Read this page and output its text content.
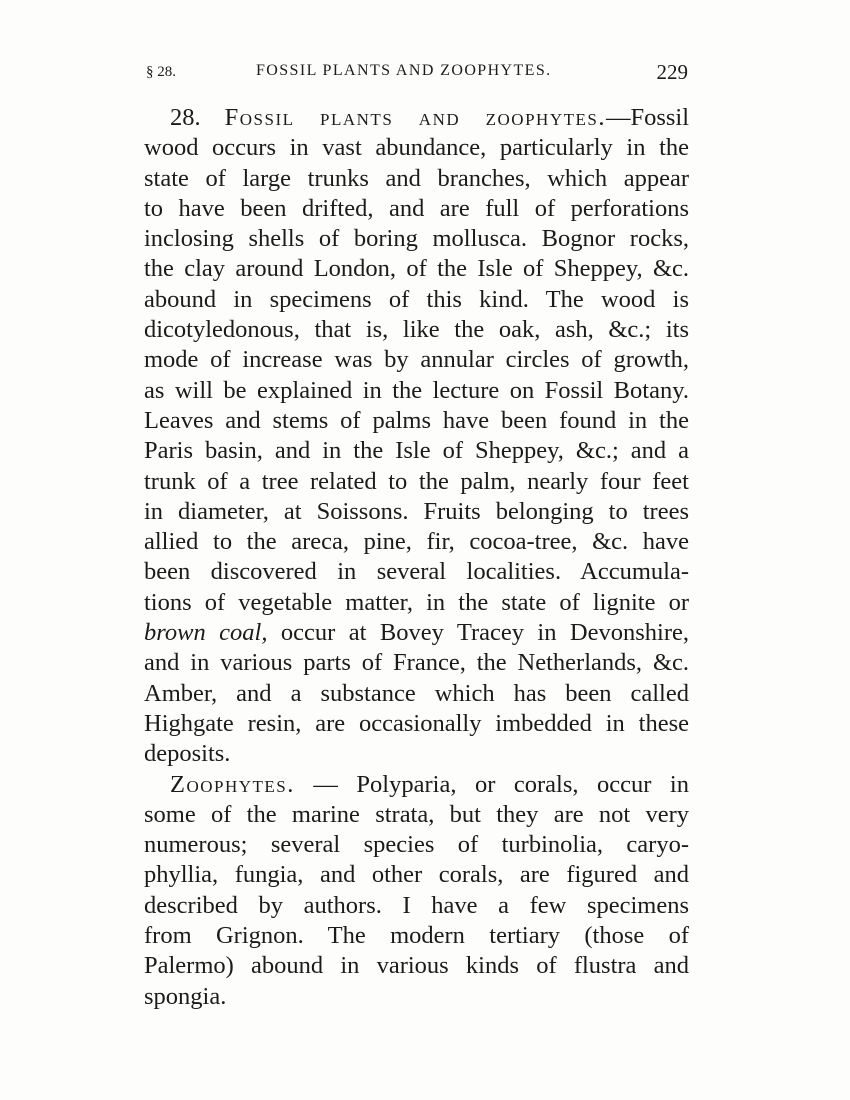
§ 28.	FOSSIL PLANTS AND ZOOPHYTES.	229
28. Fossil plants and zoophytes.—Fossil
wood occurs in vast abundance, particularly in the
state of large trunks and branches, which appear
to have been drifted, and are full of perforations
inclosing shells of boring mollusca. Bognor rocks,
the clay around London, of the Isle of Sheppey, &c.
abound in specimens of this kind. The wood is
dicotyledonous, that is, like the oak, ash, &c.; its
mode of increase was by annular circles of growth,
as will be explained in the lecture on Fossil Botany.
Leaves and stems of palms have been found in the
Paris basin, and in the Isle of Sheppey, &c.; and a
trunk of a tree related to the palm, nearly four feet
in diameter, at Soissons. Fruits belonging to trees
allied to the areca, pine, fir, cocoa-tree, &c. have
been discovered in several localities. Accumula-
tions of vegetable matter, in the state of lignite or
brown coal, occur at Bovey Tracey in Devonshire,
and in various parts of France, the Netherlands, &c.
Amber, and a substance which has been called
Highgate resin, are occasionally imbedded in these
deposits.
Zoophytes. — Polyparia, or corals, occur in
some of the marine strata, but they are not very
numerous; several species of turbinolia, caryo-
phyllia, fungia, and other corals, are figured and
described by authors. I have a few specimens
from Grignon. The modern tertiary (those of
Palermo) abound in various kinds of flustra and
spongia.
